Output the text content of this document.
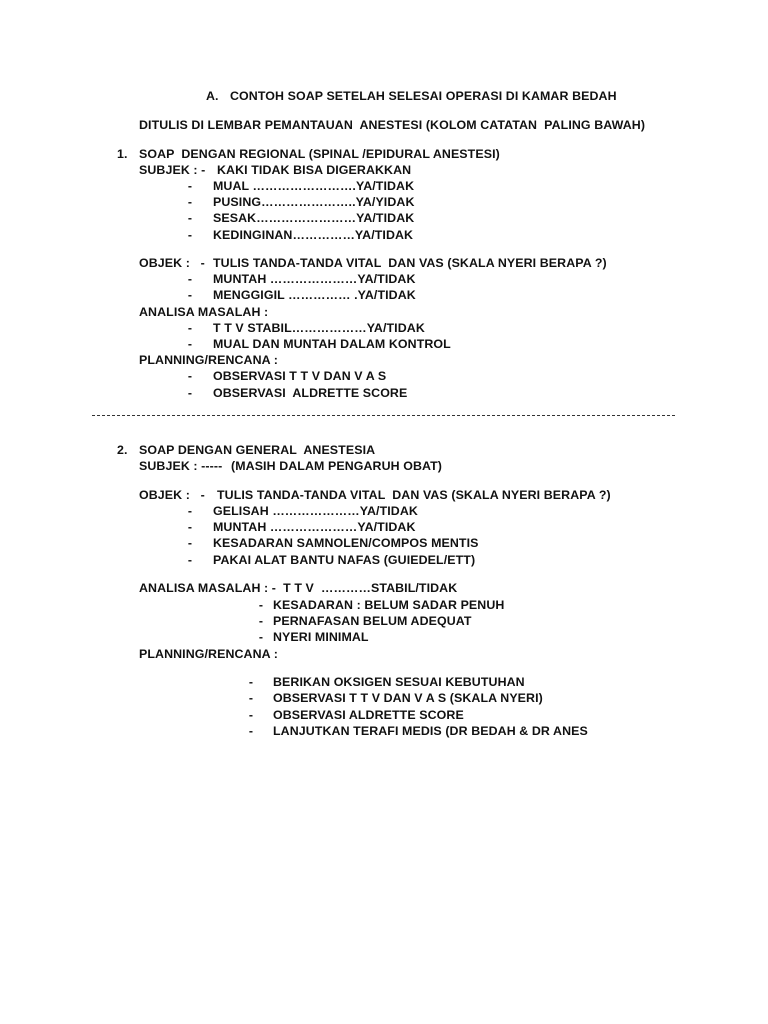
A. CONTOH SOAP SETELAH SELESAI OPERASI DI KAMAR BEDAH
DITULIS DI LEMBAR PEMANTAUAN  ANESTESI (KOLOM CATATAN  PALING BAWAH)
1. SOAP  DENGAN REGIONAL (SPINAL /EPIDURAL ANESTESI)
SUBJEK : - KAKI TIDAK BISA DIGERAKKAN
-	MUAL …………………….YA/TIDAK
-	PUSING…………………..YA/YIDAK
-	SESAK……………………YA/TIDAK
-	KEDINGINAN……………YA/TIDAK
OBJEK :   - TULIS TANDA-TANDA VITAL  DAN VAS (SKALA NYERI BERAPA ?)
-	MUNTAH …………………YA/TIDAK
-	MENGGIGIL …………… .YA/TIDAK
ANALISA MASALAH :
-	T T V STABIL………………YA/TIDAK
-	MUAL DAN MUNTAH DALAM KONTROL
PLANNING/RENCANA :
-	OBSERVASI T T V DAN V A S
-	OBSERVASI  ALDRETTE SCORE
2. SOAP DENGAN GENERAL  ANESTESIA
SUBJEK : ----- (MASIH DALAM PENGARUH OBAT)
OBJEK :   - TULIS TANDA-TANDA VITAL  DAN VAS (SKALA NYERI BERAPA ?)
-	GELISAH …………………YA/TIDAK
-	MUNTAH …………………YA/TIDAK
-	KESADARAN SAMNOLEN/COMPOS MENTIS
-	PAKAI ALAT BANTU NAFAS (GUIEDEL/ETT)
ANALISA MASALAH : -  T T V  …………STABIL/TIDAK
- KESADARAN : BELUM SADAR PENUH
- PERNAFASAN BELUM ADEQUAT
- NYERI MINIMAL
PLANNING/RENCANA :
-	BERIKAN OKSIGEN SESUAI KEBUTUHAN
-	OBSERVASI T T V DAN V A S (SKALA NYERI)
-	OBSERVASI ALDRETTE SCORE
-	LANJUTKAN TERAFI MEDIS (DR BEDAH & DR ANES
